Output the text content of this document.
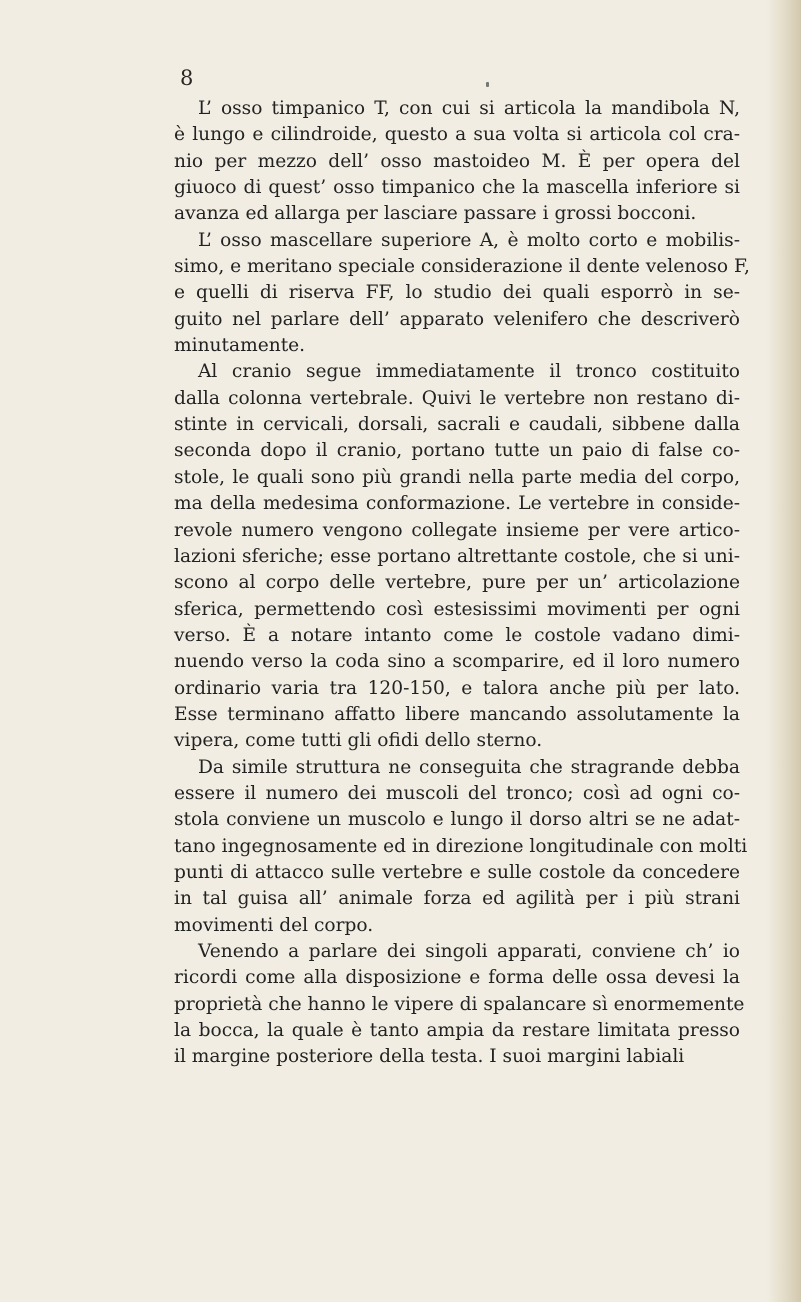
8
L’ osso timpanico T, con cui si articola la mandibola N,
è lungo e cilindroide, questo a sua volta si articola col cra-
nio per mezzo dell’ osso mastoideo M. È per opera del
giuoco di quest’ osso timpanico che la mascella inferiore si
avanza ed allarga per lasciare passare i grossi bocconi.
L’ osso mascellare superiore A, è molto corto e mobilis-
simo, e meritano speciale considerazione il dente velenoso F,
e quelli di riserva FF, lo studio dei quali esporrò in se-
guito nel parlare dell’ apparato velenifero che descriverò
minutamente.
Al cranio segue immediatamente il tronco costituito
dalla colonna vertebrale. Quivi le vertebre non restano di-
stinte in cervicali, dorsali, sacrali e caudali, sibbene dalla
seconda dopo il cranio, portano tutte un paio di false co-
stole, le quali sono più grandi nella parte media del corpo,
ma della medesima conformazione. Le vertebre in conside-
revole numero vengono collegate insieme per vere artico-
lazioni sferiche; esse portano altrettante costole, che si uni-
scono al corpo delle vertebre, pure per un’ articolazione
sferica, permettendo così estesissimi movimenti per ogni
verso. È a notare intanto come le costole vadano dimi-
nuendo verso la coda sino a scomparire, ed il loro numero
ordinario varia tra 120-150, e talora anche più per lato.
Esse terminano affatto libere mancando assolutamente la
vipera, come tutti gli ofidi dello sterno.
Da simile struttura ne conseguita che stragrande debba
essere il numero dei muscoli del tronco; così ad ogni co-
stola conviene un muscolo e lungo il dorso altri se ne adat-
tano ingegnosamente ed in direzione longitudinale con molti
punti di attacco sulle vertebre e sulle costole da concedere
in tal guisa all’ animale forza ed agilità per i più strani
movimenti del corpo.
Venendo a parlare dei singoli apparati, conviene ch’ io
ricordi come alla disposizione e forma delle ossa devesi la
proprietà che hanno le vipere di spalancare sì enormemente
la bocca, la quale è tanto ampia da restare limitata presso
il margine posteriore della testa. I suoi margini labiali
